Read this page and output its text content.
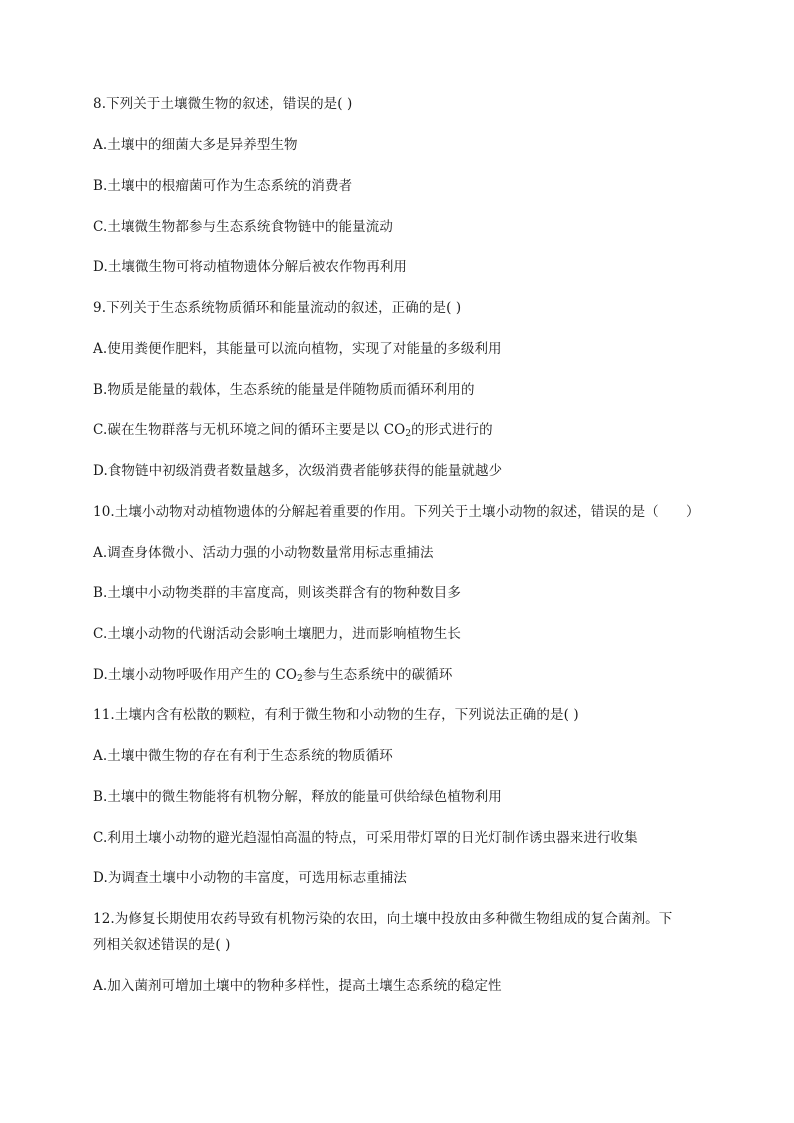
8.下列关于土壤微生物的叙述，错误的是( )
A.土壤中的细菌大多是异养型生物
B.土壤中的根瘤菌可作为生态系统的消费者
C.土壤微生物都参与生态系统食物链中的能量流动
D.土壤微生物可将动植物遗体分解后被农作物再利用
9.下列关于生态系统物质循环和能量流动的叙述，正确的是( )
A.使用粪便作肥料，其能量可以流向植物，实现了对能量的多级利用
B.物质是能量的载体，生态系统的能量是伴随物质而循环利用的
C.碳在生物群落与无机环境之间的循环主要是以 $CO_2$的形式进行的
D.食物链中初级消费者数量越多，次级消费者能够获得的能量就越少
10.土壤小动物对动植物遗体的分解起着重要的作用。下列关于土壤小动物的叙述，错误的是（　　）
A.调查身体微小、活动力强的小动物数量常用标志重捕法
B.土壤中小动物类群的丰富度高，则该类群含有的物种数目多
C.土壤小动物的代谢活动会影响土壤肥力，进而影响植物生长
D.土壤小动物呼吸作用产生的 $CO_2$参与生态系统中的碳循环
11.土壤内含有松散的颗粒，有利于微生物和小动物的生存，下列说法正确的是( )
A.土壤中微生物的存在有利于生态系统的物质循环
B.土壤中的微生物能将有机物分解，释放的能量可供给绿色植物利用
C.利用土壤小动物的避光趋湿怕高温的特点，可采用带灯罩的日光灯制作诱虫器来进行收集
D.为调查土壤中小动物的丰富度，可选用标志重捕法
12.为修复长期使用农药导致有机物污染的农田，向土壤中投放由多种微生物组成的复合菌剂。下
列相关叙述错误的是( )
A.加入菌剂可增加土壤中的物种多样性，提高土壤生态系统的稳定性
